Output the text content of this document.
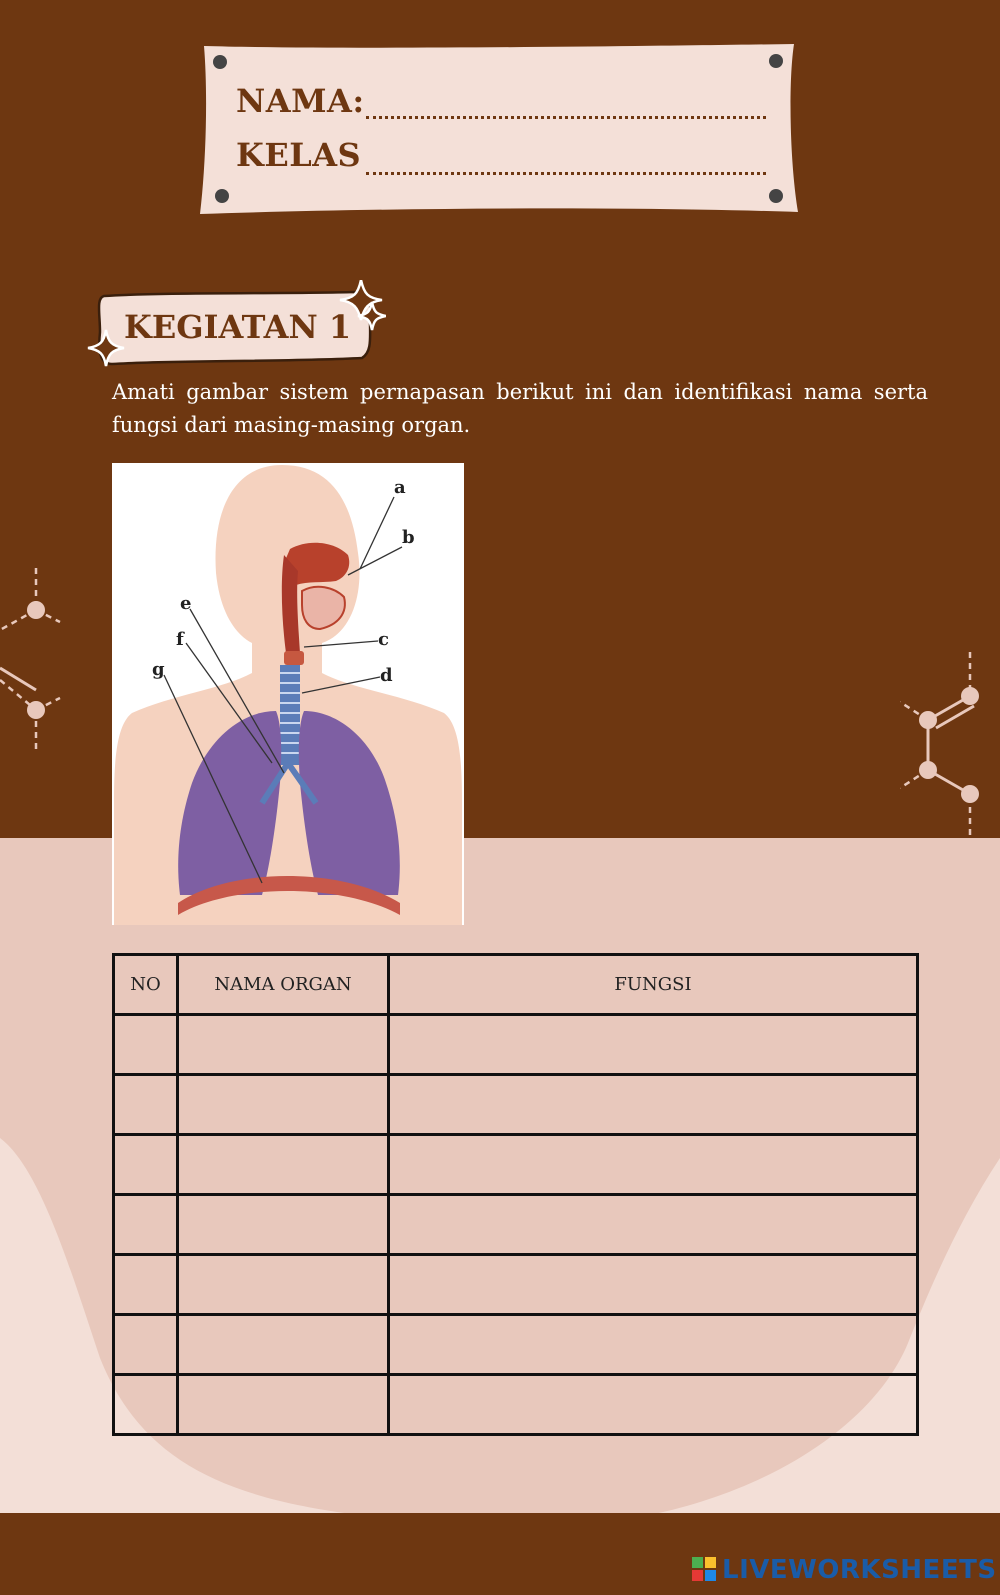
NAMA:
KELAS
KEGIATAN 1
Amati gambar sistem pernapasan berikut ini dan identifikasi nama serta fungsi dari masing-masing organ.
a
b
c
d
e
f
g
NO	NAMA ORGAN	FUNGSI

LIVEWORKSHEETS
